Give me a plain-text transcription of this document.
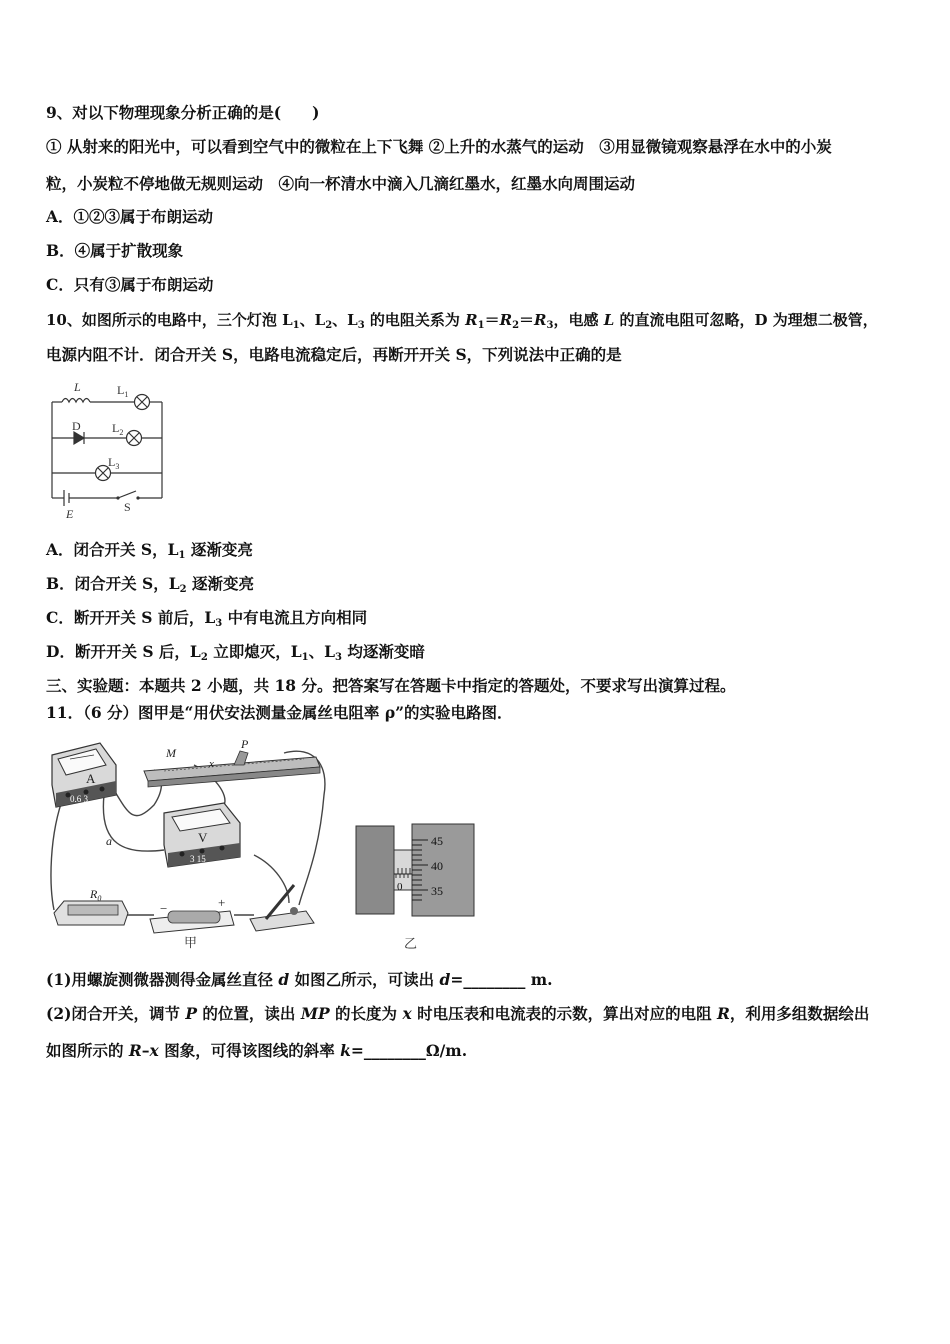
9、对以下物理现象分析正确的是(　　)
① 从射来的阳光中，可以看到空气中的微粒在上下飞舞 ②上升的水蒸气的运动　③用显微镜观察悬浮在水中的小炭
粒，小炭粒不停地做无规则运动　④向一杯清水中滴入几滴红墨水，红墨水向周围运动
A．①②③属于布朗运动
B．④属于扩散现象
C．只有③属于布朗运动
10、如图所示的电路中，三个灯泡 $L_1$、$L_2$、$L_3$ 的电阻关系为 $R_1=R_2=R_3$，电感 L 的直流电阻可忽略，D 为理想二极管，
电源内阻不计．闭合开关 S，电路电流稳定后，再断开开关 S，下列说法中正确的是
L	$L_1$
D	$L_2$
$L_3$
S
E
A．闭合开关 S，$L_1$ 逐渐变亮
B．闭合开关 S，$L_2$ 逐渐变亮
C．断开开关 S 前后，$L_3$ 中有电流且方向相同
D．断开开关 S 后，$L_2$ 立即熄灭，$L_1$、$L_3$ 均逐渐变暗
三、实验题：本题共 2 小题，共 18 分。把答案写在答题卡中指定的答题处，不要求写出演算过程。
11．（6 分）图甲是“用伏安法测量金属丝电阻率 ρ”的实验电路图．
A
0.6 3
M
P
x
a	V
3 15
$R_0$
−	+
甲
45
40
35
0
乙
(1)用螺旋测微器测得金属丝直径 d 如图乙所示，可读出 d=________ m.
(2)闭合开关，调节 P 的位置，读出 MP 的长度为 x 时电压表和电流表的示数，算出对应的电阻 R，利用多组数据绘出
如图所示的 R–x 图象，可得该图线的斜率 k=________Ω/m.
